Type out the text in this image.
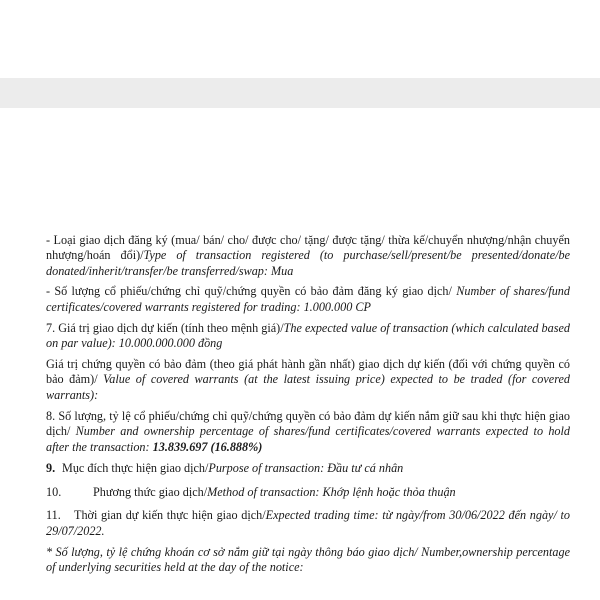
- Loại giao dịch đăng ký (mua/ bán/ cho/ được cho/ tặng/ được tặng/ thừa kế/chuyển nhượng/nhận chuyển nhượng/hoán đổi)/Type of transaction registered (to purchase/sell/present/be presented/donate/be donated/inherit/transfer/be transferred/swap: Mua

- Số lượng cổ phiếu/chứng chỉ quỹ/chứng quyền có bảo đảm đăng ký giao dịch/ Number of shares/fund certificates/covered warrants registered for trading: 1.000.000 CP

7. Giá trị giao dịch dự kiến (tính theo mệnh giá)/The expected value of transaction (which calculated based on par value): 10.000.000.000 đồng

Giá trị chứng quyền có bảo đảm (theo giá phát hành gần nhất) giao dịch dự kiến (đối với chứng quyền có bảo đảm)/ Value of covered warrants (at the latest issuing price) expected to be traded (for covered warrants):

8. Số lượng, tỷ lệ cổ phiếu/chứng chỉ quỹ/chứng quyền có bảo đảm dự kiến nắm giữ sau khi thực hiện giao dịch/ Number and ownership percentage of shares/fund certificates/covered warrants expected to hold after the transaction: 13.839.697 (16.888%)

9. Mục đích thực hiện giao dịch/Purpose of transaction: Đầu tư cá nhân

10.	Phương thức giao dịch/Method of transaction: Khớp lệnh hoặc thỏa thuận

11. Thời gian dự kiến thực hiện giao dịch/Expected trading time: từ ngày/from 30/06/2022 đến ngày/ to 29/07/2022.

* Số lượng, tỷ lệ chứng khoán cơ sở nắm giữ tại ngày thông báo giao dịch/ Number,ownership percentage of underlying securities held at the day of the notice:
